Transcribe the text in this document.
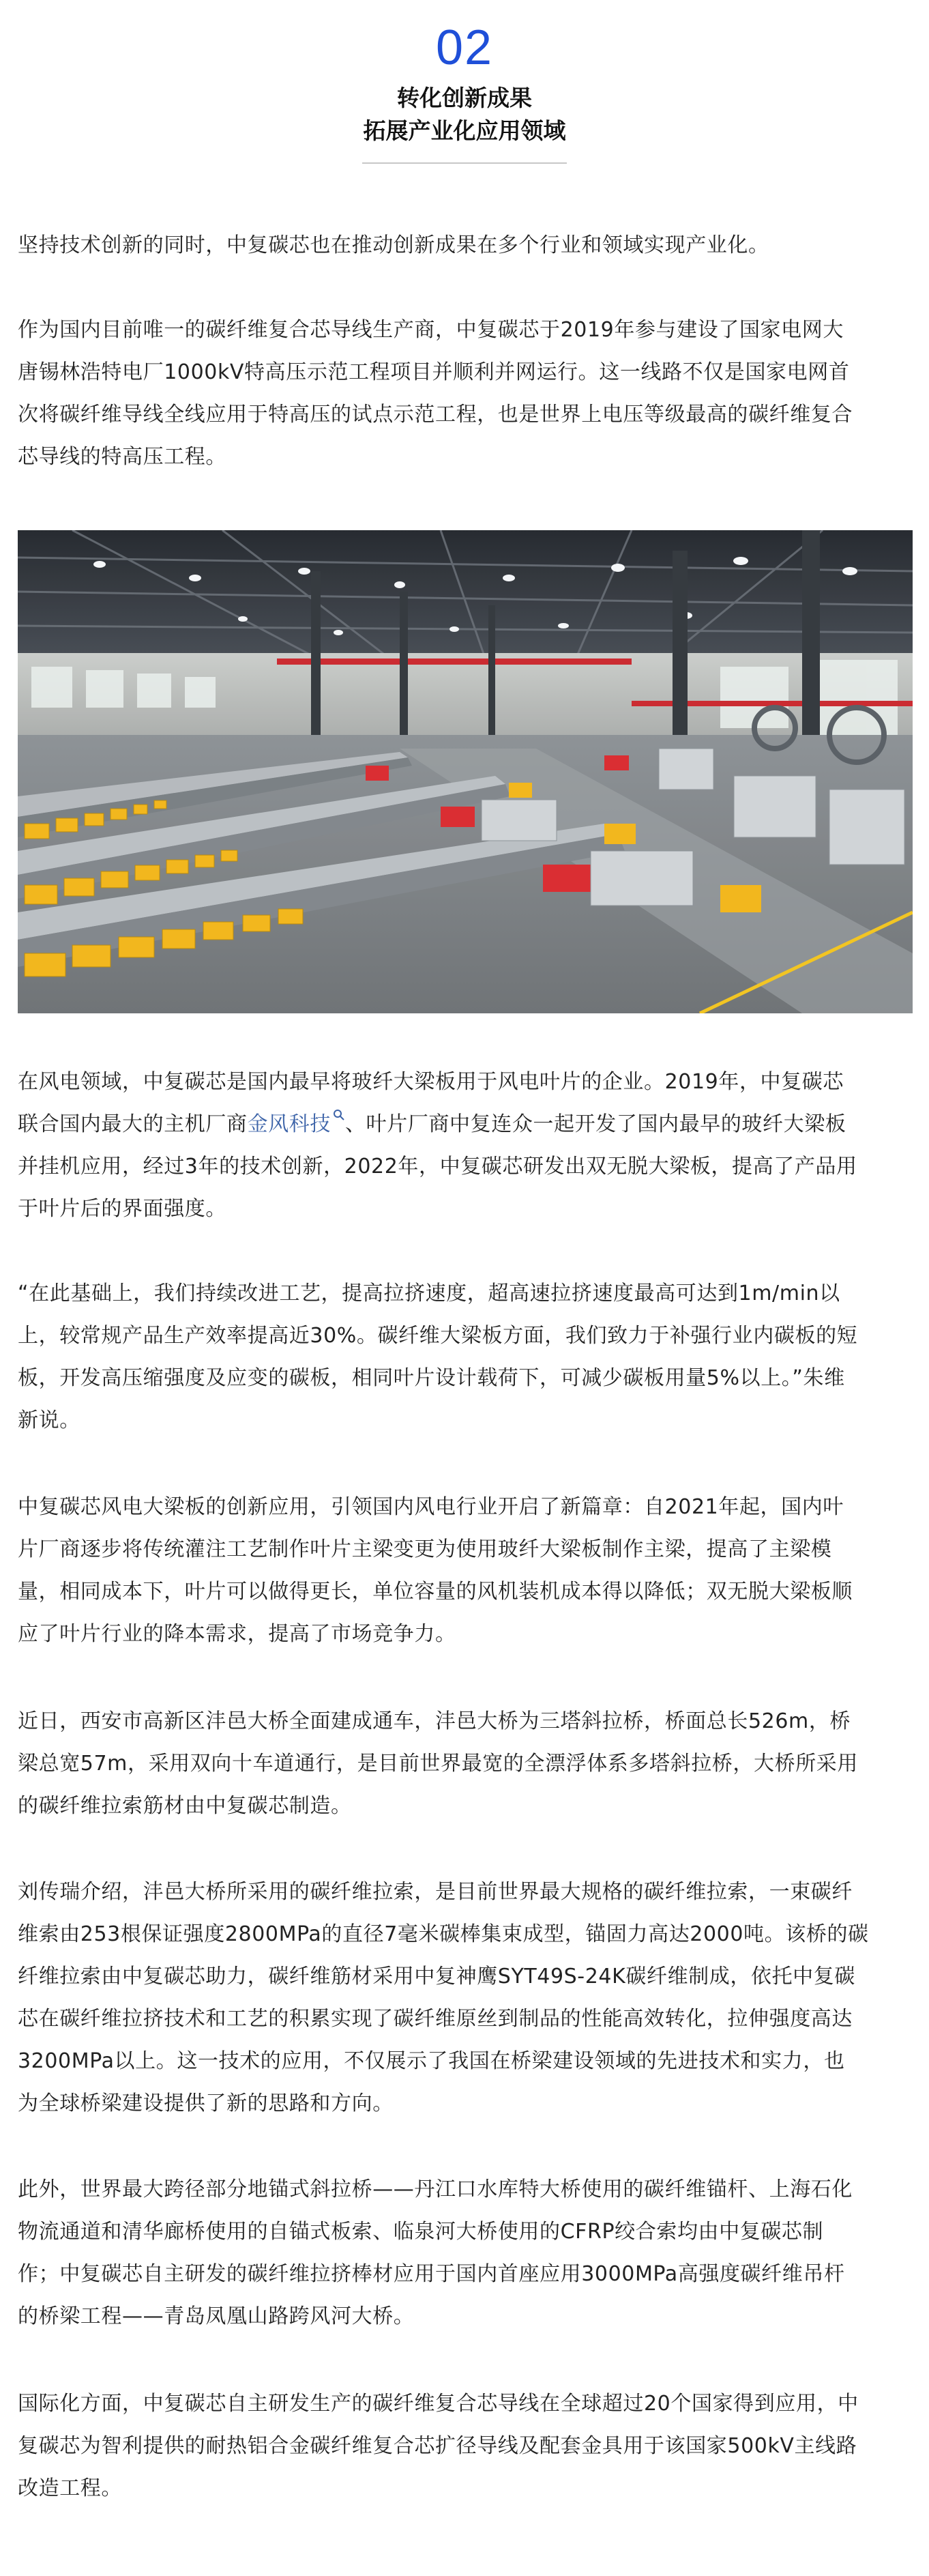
02
转化创新成果
拓展产业化应用领域
坚持技术创新的同时，中复碳芯也在推动创新成果在多个行业和领域实现产业化。
作为国内目前唯一的碳纤维复合芯导线生产商，中复碳芯于2019年参与建设了国家电网大
唐锡林浩特电厂1000kV特高压示范工程项目并顺利并网运行。这一线路不仅是国家电网首
次将碳纤维导线全线应用于特高压的试点示范工程，也是世界上电压等级最高的碳纤维复合
芯导线的特高压工程。
在风电领域，中复碳芯是国内最早将玻纤大梁板用于风电叶片的企业。2019年，中复碳芯
联合国内最大的主机厂商金风科技 、叶片厂商中复连众一起开发了国内最早的玻纤大梁板
并挂机应用，经过3年的技术创新，2022年，中复碳芯研发出双无脱大梁板，提高了产品用
于叶片后的界面强度。
“在此基础上，我们持续改进工艺，提高拉挤速度，超高速拉挤速度最高可达到1m/min以
上，较常规产品生产效率提高近30%。碳纤维大梁板方面，我们致力于补强行业内碳板的短
板，开发高压缩强度及应变的碳板，相同叶片设计载荷下，可减少碳板用量5%以上。”朱维
新说。
中复碳芯风电大梁板的创新应用，引领国内风电行业开启了新篇章：自2021年起，国内叶
片厂商逐步将传统灌注工艺制作叶片主梁变更为使用玻纤大梁板制作主梁，提高了主梁模
量，相同成本下，叶片可以做得更长，单位容量的风机装机成本得以降低；双无脱大梁板顺
应了叶片行业的降本需求，提高了市场竞争力。
近日，西安市高新区沣邑大桥全面建成通车，沣邑大桥为三塔斜拉桥，桥面总长526m，桥
梁总宽57m，采用双向十车道通行，是目前世界最宽的全漂浮体系多塔斜拉桥，大桥所采用
的碳纤维拉索筋材由中复碳芯制造。
刘传瑞介绍，沣邑大桥所采用的碳纤维拉索，是目前世界最大规格的碳纤维拉索，一束碳纤
维索由253根保证强度2800MPa的直径7毫米碳棒集束成型，锚固力高达2000吨。该桥的碳
纤维拉索由中复碳芯助力，碳纤维筋材采用中复神鹰SYT49S-24K碳纤维制成，依托中复碳
芯在碳纤维拉挤技术和工艺的积累实现了碳纤维原丝到制品的性能高效转化，拉伸强度高达
3200MPa以上。这一技术的应用，不仅展示了我国在桥梁建设领域的先进技术和实力，也
为全球桥梁建设提供了新的思路和方向。
此外，世界最大跨径部分地锚式斜拉桥——丹江口水库特大桥使用的碳纤维锚杆、上海石化
物流通道和清华廊桥使用的自锚式板索、临泉河大桥使用的CFRP绞合索均由中复碳芯制
作；中复碳芯自主研发的碳纤维拉挤棒材应用于国内首座应用3000MPa高强度碳纤维吊杆
的桥梁工程——青岛凤凰山路跨风河大桥。
国际化方面，中复碳芯自主研发生产的碳纤维复合芯导线在全球超过20个国家得到应用，中
复碳芯为智利提供的耐热铝合金碳纤维复合芯扩径导线及配套金具用于该国家500kV主线路
改造工程。
